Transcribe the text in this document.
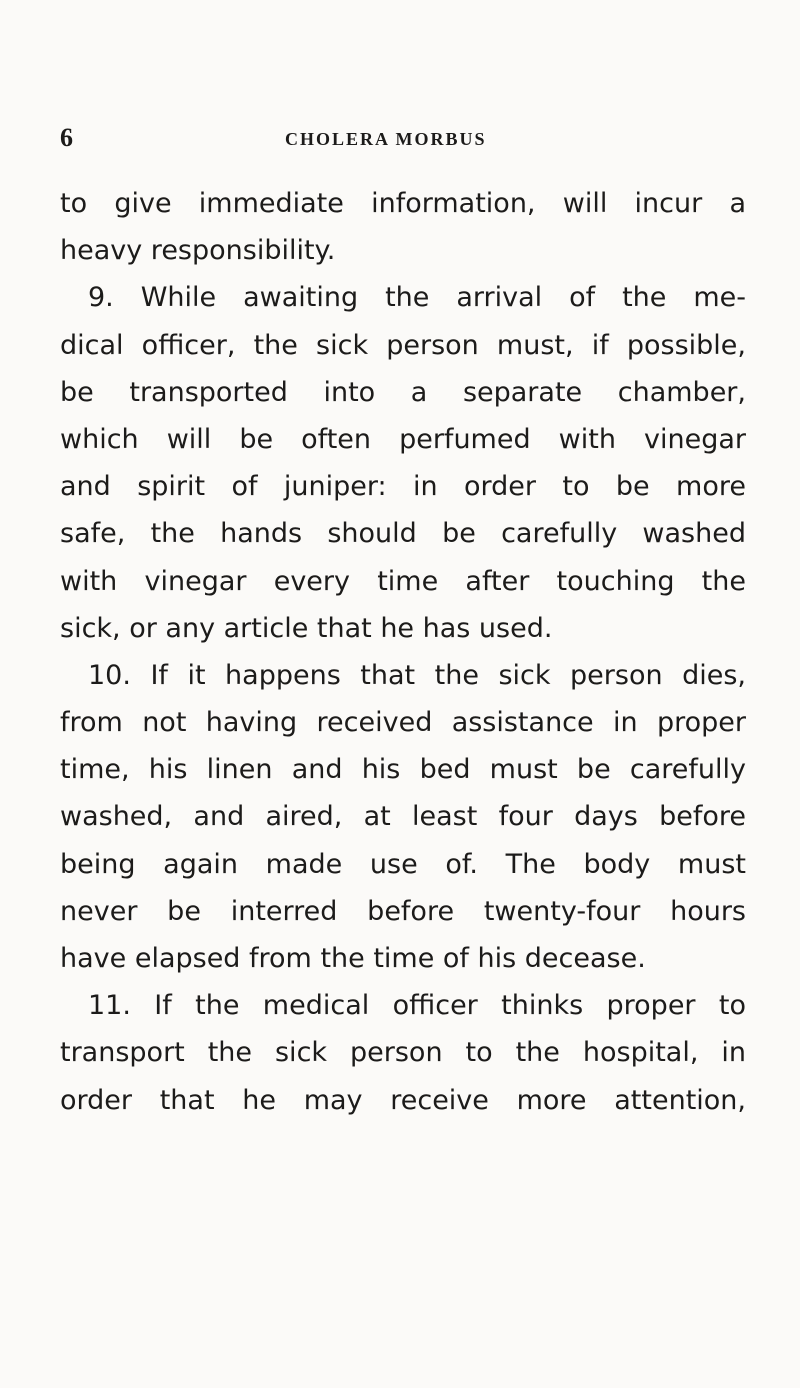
6	CHOLERA MORBUS
to give immediate information, will incur a
heavy responsibility.
9. While awaiting the arrival of the me-
dical officer, the sick person must, if possible,
be transported into a separate chamber,
which will be often perfumed with vinegar
and spirit of juniper: in order to be more
safe, the hands should be carefully washed
with vinegar every time after touching the
sick, or any article that he has used.
10. If it happens that the sick person dies,
from not having received assistance in proper
time, his linen and his bed must be carefully
washed, and aired, at least four days before
being again made use of. The body must
never be interred before twenty-four hours
have elapsed from the time of his decease.
11. If the medical officer thinks proper to
transport the sick person to the hospital, in
order that he may receive more attention,
